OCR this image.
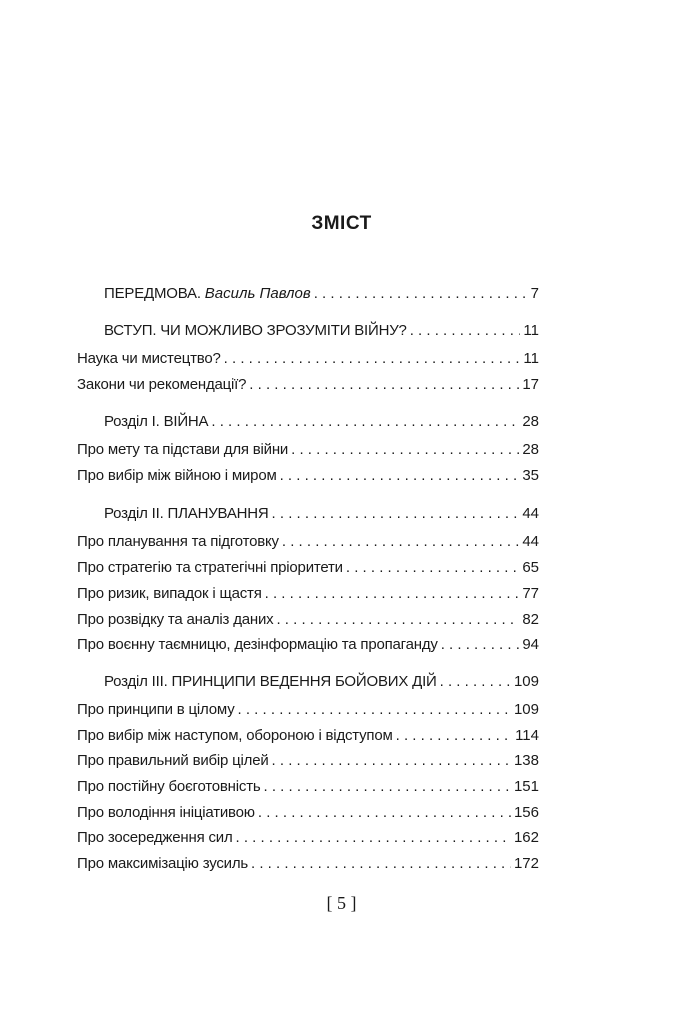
ЗМІСТ
ПЕРЕДМОВА. Василь Павлов . . .	7
ВСТУП. ЧИ МОЖЛИВО ЗРОЗУМІТИ ВІЙНУ? . . .	11
Наука чи мистецтво? . . .	11
Закони чи рекомендації? . . .	17
Розділ І. ВІЙНА . . .	28
Про мету та підстави для війни . . .	28
Про вибір між війною і миром . . .	35
Розділ ІІ. ПЛАНУВАННЯ . . .	44
Про планування та підготовку . . .	44
Про стратегію та стратегічні пріоритети . . .	65
Про ризик, випадок і щастя . . .	77
Про розвідку та аналіз даних . . .	82
Про воєнну таємницю, дезінформацію та пропаганду . . .	94
Розділ ІІІ. ПРИНЦИПИ ВЕДЕННЯ БОЙОВИХ ДІЙ . . .	109
Про принципи в цілому . . .	109
Про вибір між наступом, обороною і відступом . . .	114
Про правильний вибір цілей . . .	138
Про постійну боєготовність . . .	151
Про володіння ініціативою . . .	156
Про зосередження сил . . .	162
Про максимізацію зусиль . . .	172
[ 5 ]
